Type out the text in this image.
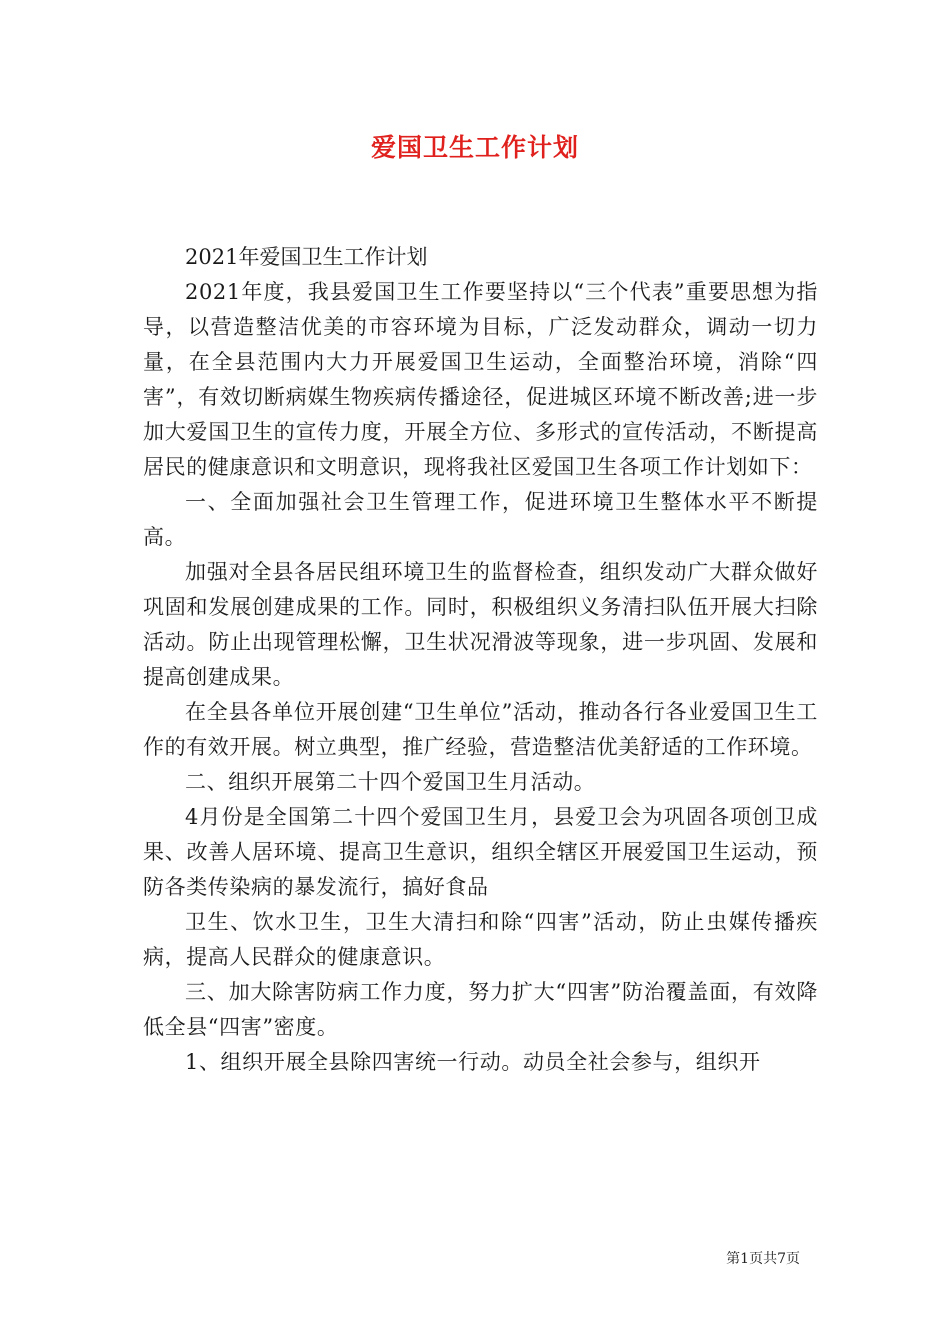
爱国卫生工作计划

2021年爱国卫生工作计划

2021年度，我县爱国卫生工作要坚持以“三个代表”重要思想为指导，以营造整洁优美的市容环境为目标，广泛发动群众，调动一切力量，在全县范围内大力开展爱国卫生运动，全面整治环境，消除“四害”，有效切断病媒生物疾病传播途径，促进城区环境不断改善;进一步加大爱国卫生的宣传力度，开展全方位、多形式的宣传活动，不断提高居民的健康意识和文明意识，现将我社区爱国卫生各项工作计划如下：

一、全面加强社会卫生管理工作，促进环境卫生整体水平不断提高。

加强对全县各居民组环境卫生的监督检查，组织发动广大群众做好巩固和发展创建成果的工作。同时，积极组织义务清扫队伍开展大扫除活动。防止出现管理松懈，卫生状况滑波等现象，进一步巩固、发展和提高创建成果。

在全县各单位开展创建“卫生单位”活动，推动各行各业爱国卫生工作的有效开展。树立典型，推广经验，营造整洁优美舒适的工作环境。

二、组织开展第二十四个爱国卫生月活动。

4月份是全国第二十四个爱国卫生月，县爱卫会为巩固各项创卫成果、改善人居环境、提高卫生意识，组织全辖区开展爱国卫生运动，预防各类传染病的暴发流行，搞好食品

卫生、饮水卫生，卫生大清扫和除“四害”活动，防止虫媒传播疾病，提高人民群众的健康意识。

三、加大除害防病工作力度，努力扩大“四害”防治覆盖面，有效降低全县“四害”密度。

1、组织开展全县除四害统一行动。动员全社会参与，组织开

第1页共7页
